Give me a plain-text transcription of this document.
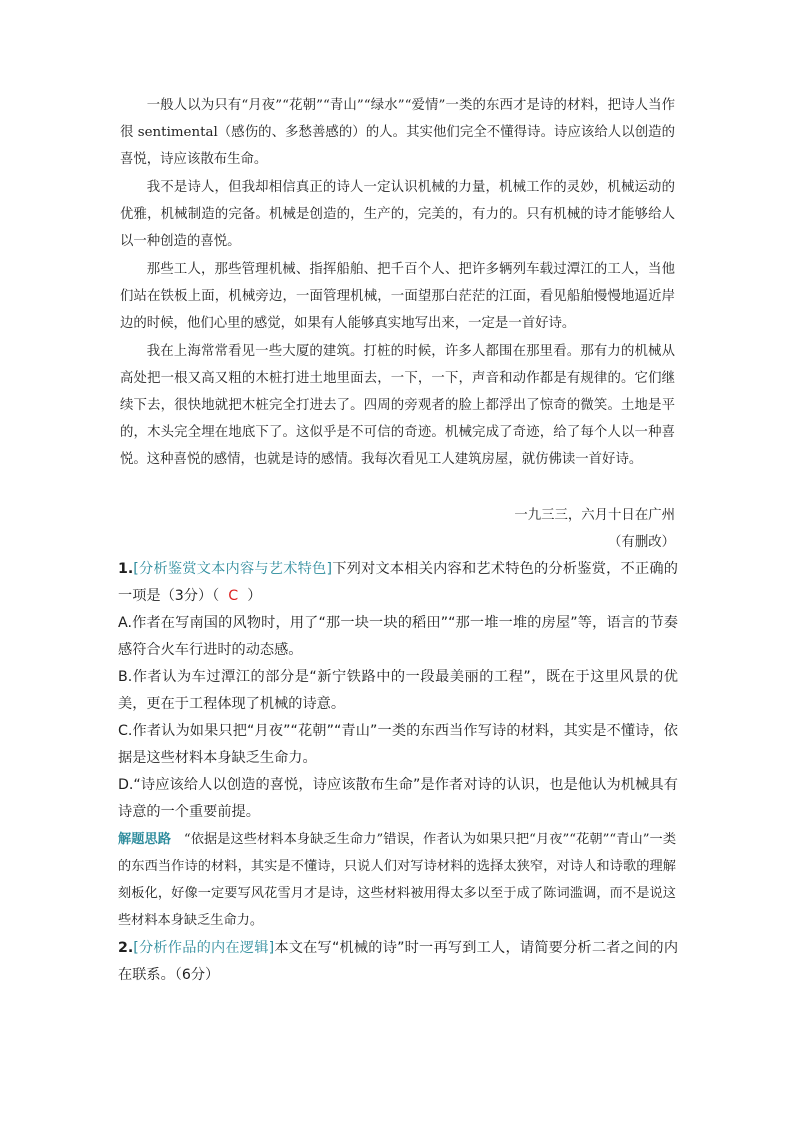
一般人以为只有“月夜”“花朝”“青山”“绿水”“爱情”一类的东西才是诗的材料，把诗人当作很 sentimental（感伤的、多愁善感的）的人。其实他们完全不懂得诗。诗应该给人以创造的喜悦，诗应该散布生命。

我不是诗人，但我却相信真正的诗人一定认识机械的力量，机械工作的灵妙，机械运动的优雅，机械制造的完备。机械是创造的，生产的，完美的，有力的。只有机械的诗才能够给人以一种创造的喜悦。

那些工人，那些管理机械、指挥船舶、把千百个人、把许多辆列车载过潭江的工人，当他们站在铁板上面，机械旁边，一面管理机械，一面望那白茫茫的江面，看见船舶慢慢地逼近岸边的时候，他们心里的感觉，如果有人能够真实地写出来，一定是一首好诗。

我在上海常常看见一些大厦的建筑。打桩的时候，许多人都围在那里看。那有力的机械从高处把一根又高又粗的木桩打进土地里面去，一下，一下，声音和动作都是有规律的。它们继续下去，很快地就把木桩完全打进去了。四周的旁观者的脸上都浮出了惊奇的微笑。土地是平的，木头完全埋在地底下了。这似乎是不可信的奇迹。机械完成了奇迹，给了每个人以一种喜悦。这种喜悦的感情，也就是诗的感情。我每次看见工人建筑房屋，就仿佛读一首好诗。

一九三三，六月十日在广州

（有删改）

1.[分析鉴赏文本内容与艺术特色]下列对文本相关内容和艺术特色的分析鉴赏，不正确的一项是（3分）（ C ）

A.作者在写南国的风物时，用了“那一块一块的稻田”“那一堆一堆的房屋”等，语言的节奏感符合火车行进时的动态感。

B.作者认为车过潭江的部分是“新宁铁路中的一段最美丽的工程”，既在于这里风景的优美，更在于工程体现了机械的诗意。

C.作者认为如果只把“月夜”“花朝”“青山”一类的东西当作写诗的材料，其实是不懂诗，依据是这些材料本身缺乏生命力。

D.“诗应该给人以创造的喜悦，诗应该散布生命”是作者对诗的认识，也是他认为机械具有诗意的一个重要前提。

解题思路 “依据是这些材料本身缺乏生命力”错误，作者认为如果只把“月夜”“花朝”“青山”一类的东西当作诗的材料，其实是不懂诗，只说人们对写诗材料的选择太狭窄，对诗人和诗歌的理解刻板化，好像一定要写风花雪月才是诗，这些材料被用得太多以至于成了陈词滥调，而不是说这些材料本身缺乏生命力。

2.[分析作品的内在逻辑]本文在写“机械的诗”时一再写到工人，请简要分析二者之间的内在联系。（6分）
